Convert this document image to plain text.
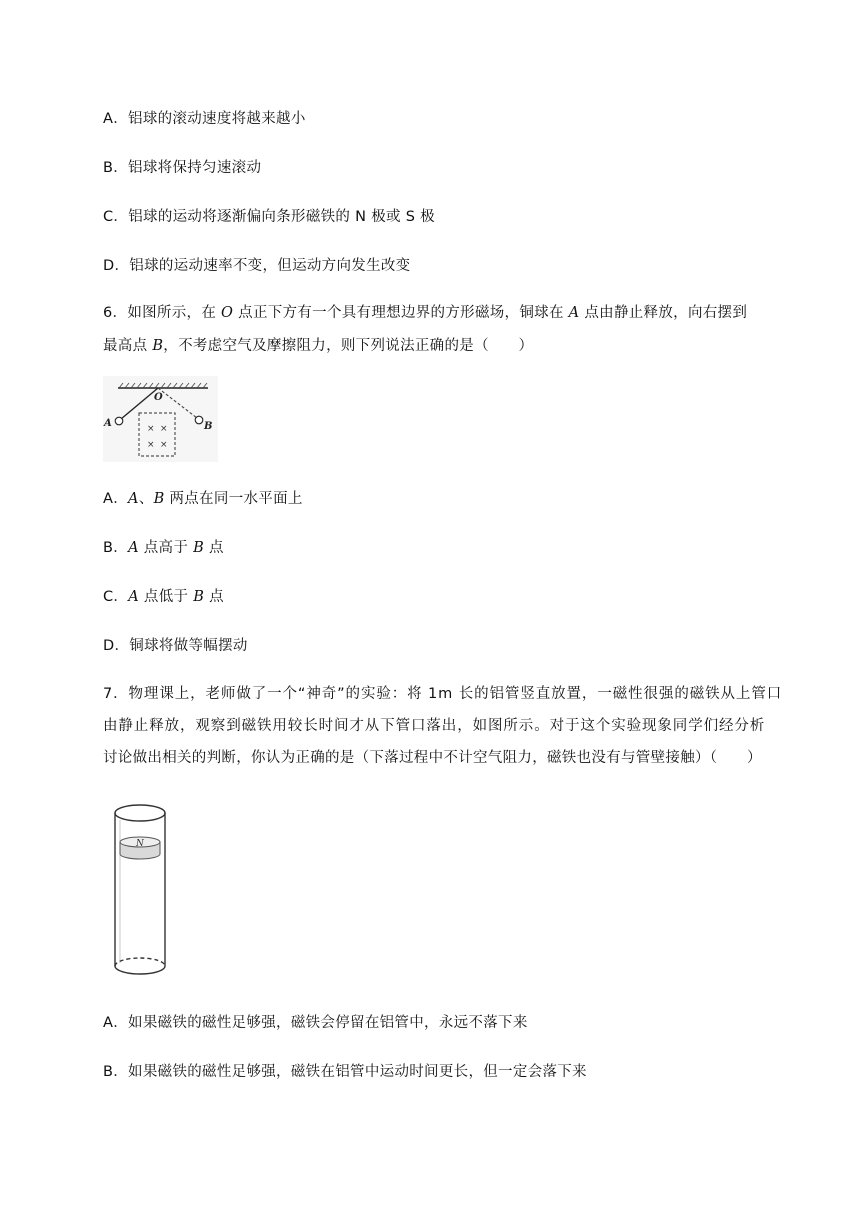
A．铝球的滚动速度将越来越小
B．铝球将保持匀速滚动
C．铝球的运动将逐渐偏向条形磁铁的 N 极或 S 极
D．铝球的运动速率不变，但运动方向发生改变
6．如图所示，在 O 点正下方有一个具有理想边界的方形磁场，铜球在 A 点由静止释放，向右摆到
最高点 B，不考虑空气及摩擦阻力，则下列说法正确的是（　　）
× ×
× ×
O
A	B
A．A、B 两点在同一水平面上
B．A 点高于 B 点
C．A 点低于 B 点
D．铜球将做等幅摆动
7．物理课上，老师做了一个“神奇”的实验：将 1m 长的铝管竖直放置，一磁性很强的磁铁从上管口
由静止释放，观察到磁铁用较长时间才从下管口落出，如图所示。对于这个实验现象同学们经分析
讨论做出相关的判断，你认为正确的是（下落过程中不计空气阻力，磁铁也没有与管壁接触）（　　）
N
A．如果磁铁的磁性足够强，磁铁会停留在铝管中，永远不落下来
B．如果磁铁的磁性足够强，磁铁在铝管中运动时间更长，但一定会落下来
